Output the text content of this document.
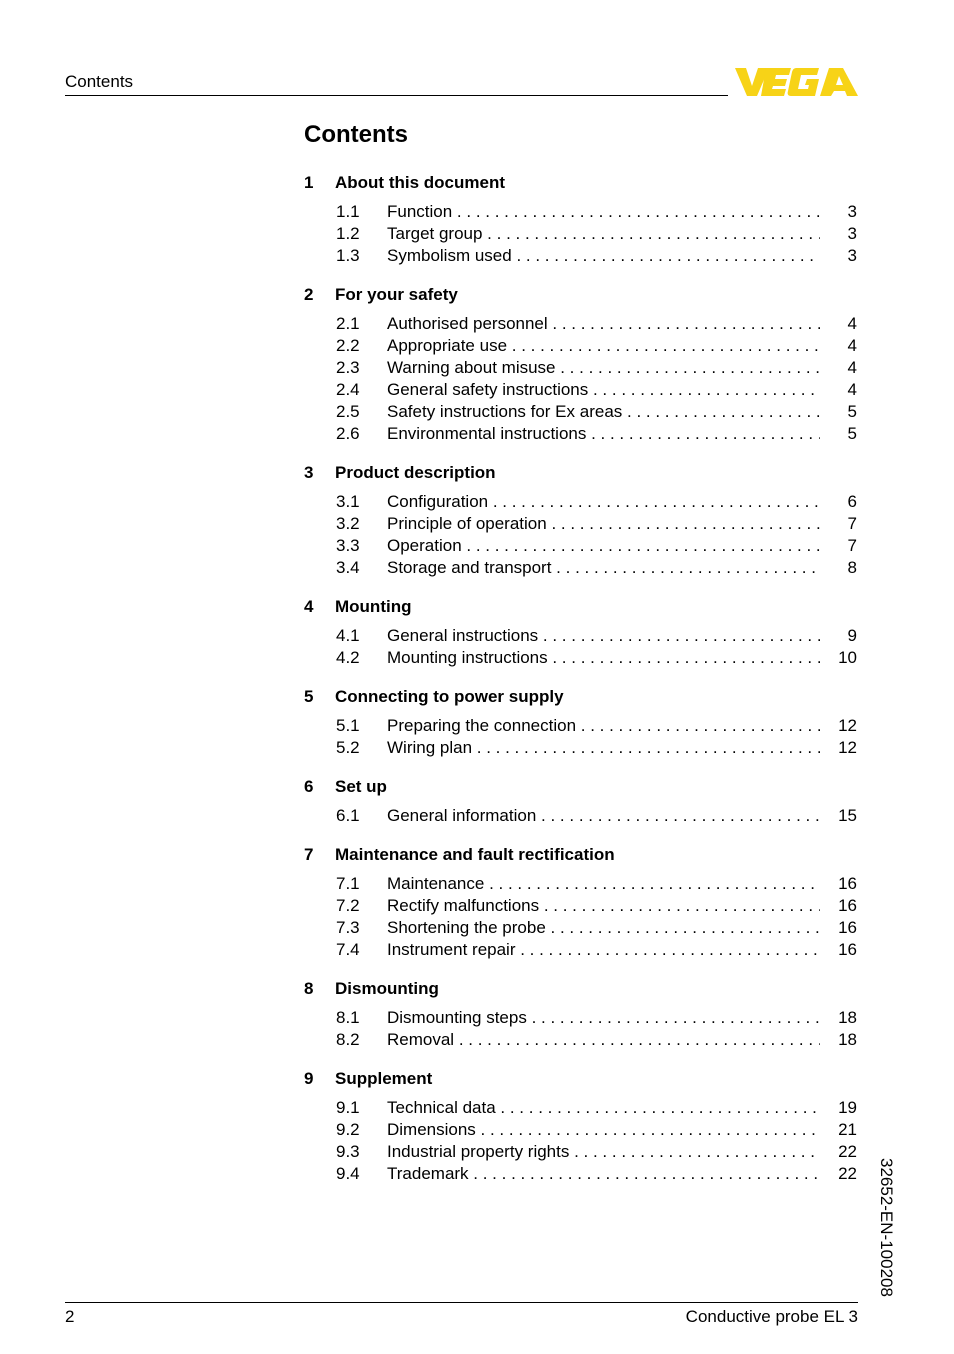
Contents
Contents
1	About this document
1.1 Function . . .	3
1.2 Target group . . .	3
1.3 Symbolism used . . .	3
2	For your safety
2.1 Authorised personnel . . .	4
2.2 Appropriate use . . .	4
2.3 Warning about misuse . . .	4
2.4 General safety instructions . . .	4
2.5 Safety instructions for Ex areas . . .	5
2.6 Environmental instructions . . .	5
3	Product description
3.1 Configuration . . .	6
3.2 Principle of operation . . .	7
3.3 Operation . . .	7
3.4 Storage and transport . . .	8
4	Mounting
4.1 General instructions . . .	9
4.2 Mounting instructions . . .	10
5	Connecting to power supply
5.1 Preparing the connection . . .	12
5.2 Wiring plan . . .	12
6	Set up
6.1 General information . . .	15
7	Maintenance and fault rectification
7.1 Maintenance . . .	16
7.2 Rectify malfunctions . . .	16
7.3 Shortening the probe . . .	16
7.4 Instrument repair . . .	16
8	Dismounting
8.1 Dismounting steps . . .	18
8.2 Removal . . .	18
9	Supplement
9.1 Technical data . . .	19
9.2 Dimensions . . .	21
9.3 Industrial property rights . . .	22
9.4 Trademark . . .	22 32652-EN-100208
2	Conductive probe EL 3
